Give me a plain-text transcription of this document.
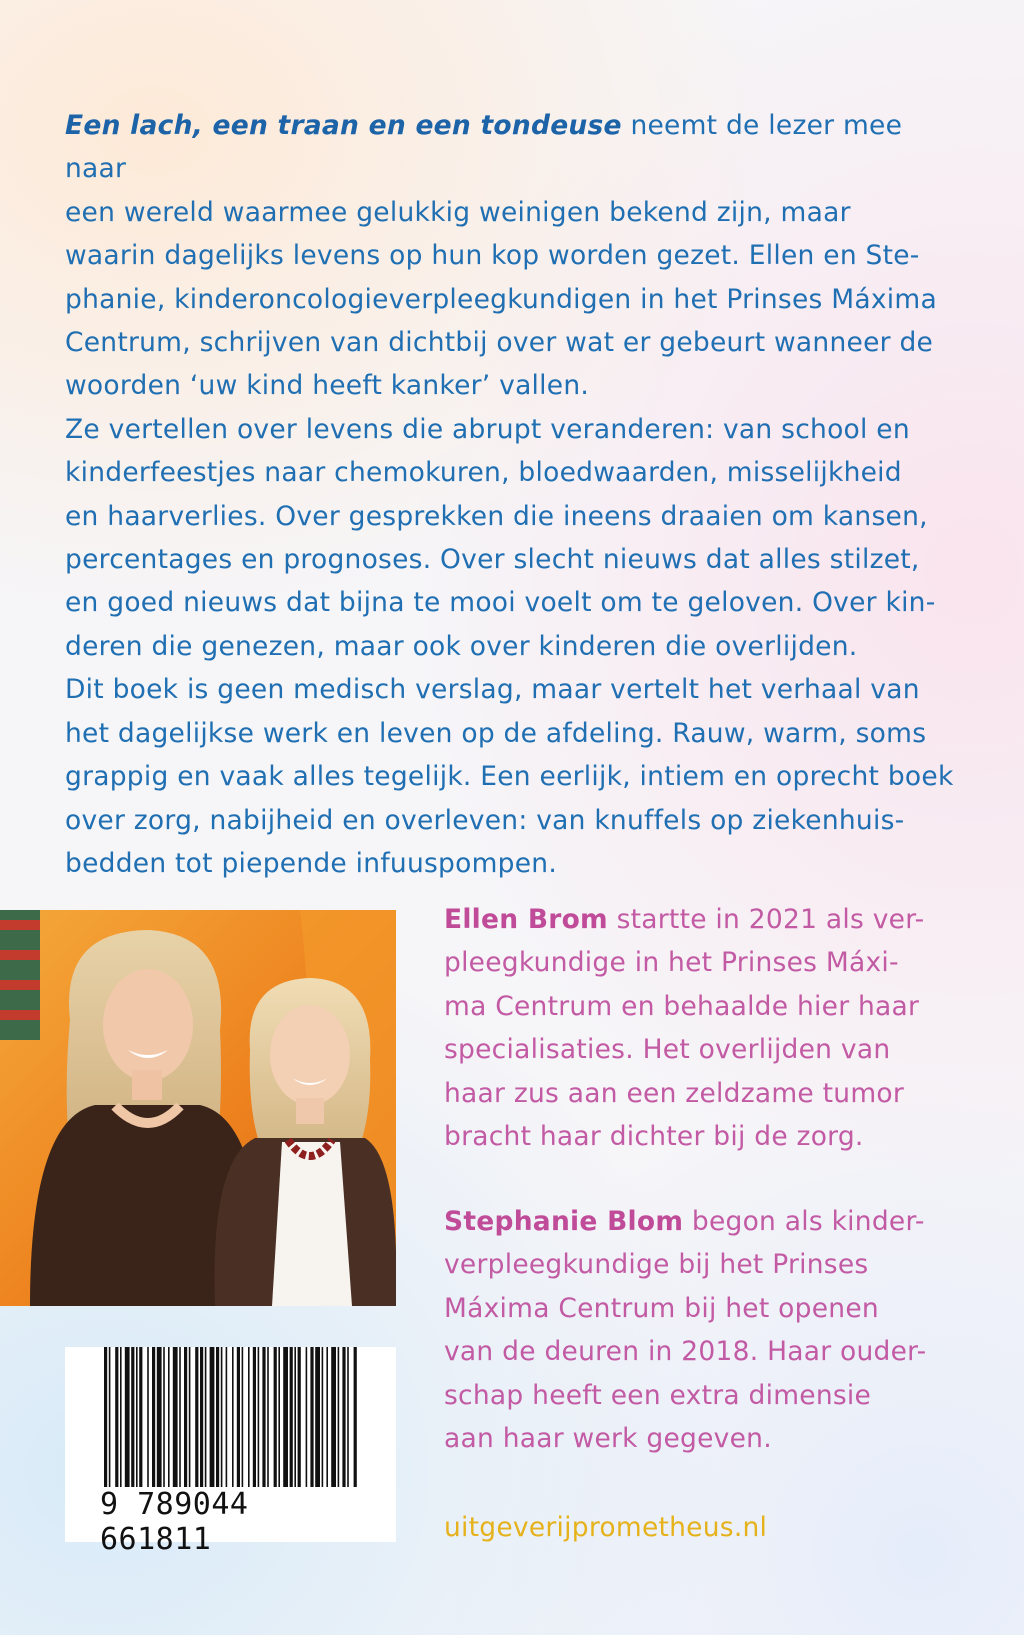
Een lach, een traan en een tondeuse neemt de lezer mee naar
een wereld waarmee gelukkig weinigen bekend zijn, maar
waarin dagelijks levens op hun kop worden gezet. Ellen en Ste-
phanie, kinderoncologieverpleegkundigen in het Prinses Máxima
Centrum, schrijven van dichtbij over wat er gebeurt wanneer de
woorden ‘uw kind heeft kanker’ vallen.

Ze vertellen over levens die abrupt veranderen: van school en
kinderfeestjes naar chemokuren, bloedwaarden, misselijkheid
en haarverlies. Over gesprekken die ineens draaien om kansen,
percentages en prognoses. Over slecht nieuws dat alles stilzet,
en goed nieuws dat bijna te mooi voelt om te geloven. Over kin-
deren die genezen, maar ook over kinderen die overlijden.

Dit boek is geen medisch verslag, maar vertelt het verhaal van
het dagelijkse werk en leven op de afdeling. Rauw, warm, soms
grappig en vaak alles tegelijk. Een eerlijk, intiem en oprecht boek
over zorg, nabijheid en overleven: van knuffels op ziekenhuis-
bedden tot piepende infuuspompen.

9 789044 661811
Ellen Brom startte in 2021 als ver-
pleegkundige in het Prinses Máxi-
ma Centrum en behaalde hier haar
specialisaties. Het overlijden van
haar zus aan een zeldzame tumor
bracht haar dichter bij de zorg.
Stephanie Blom begon als kinder-
verpleegkundige bij het Prinses
Máxima Centrum bij het openen
van de deuren in 2018. Haar ouder-
schap heeft een extra dimensie
aan haar werk gegeven.
uitgeverijprometheus.nl
